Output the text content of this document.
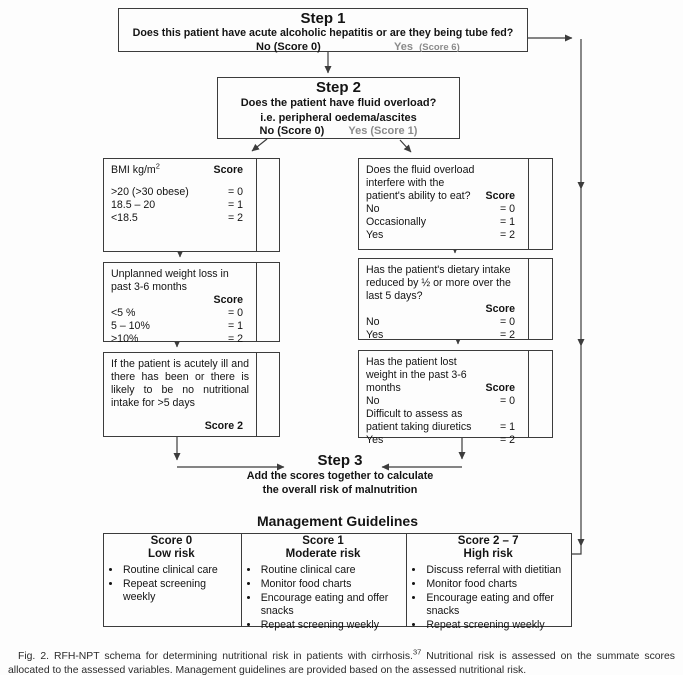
Step 1
Does this patient have acute alcoholic hepatitis or are they being tube fed?
No (Score 0)	Yes (Score 6)
Step 2
Does the patient have fluid overload?
i.e. peripheral oedema/ascites
No (Score 0) Yes (Score 1)
BMI $kg/m^2$	Score
>20 (>30 obese)	= 0
18.5 – 20	= 1
<18.5	= 2
Unplanned weight loss in past 3-6 months
Score
<5 %	= 0
5 – 10%	= 1
>10%	= 2
If the patient is acutely ill and there has been or there is likely to be no nutritional intake for >5 days
Score 2
Does the fluid overload interfere with the patient's ability to eat?	Score
No	= 0
Occasionally	= 1
Yes	= 2
Has the patient's dietary intake reduced by ½ or more over the last 5 days?
Score
No	= 0
Yes	= 2
Has the patient lost weight in the past 3-6 months	Score
No	= 0
Difficult to assess as patient taking diuretics	= 1
Yes	= 2
Step 3
Add the scores together to calculate
the overall risk of malnutrition
Management Guidelines
Score 0
Low risk
• Routine clinical care
• Repeat screening weekly
Score 1
Moderate risk
• Routine clinical care
• Monitor food charts
• Encourage eating and offer snacks
• Repeat screening weekly
Score 2 – 7
High risk
• Discuss referral with dietitian
• Monitor food charts
• Encourage eating and offer snacks
• Repeat screening weekly

Fig. 2. RFH-NPT schema for determining nutritional risk in patients with cirrhosis.$^{37}$ Nutritional risk is assessed on the summate scores allocated to the assessed variables. Management guidelines are provided based on the assessed nutritional risk.
